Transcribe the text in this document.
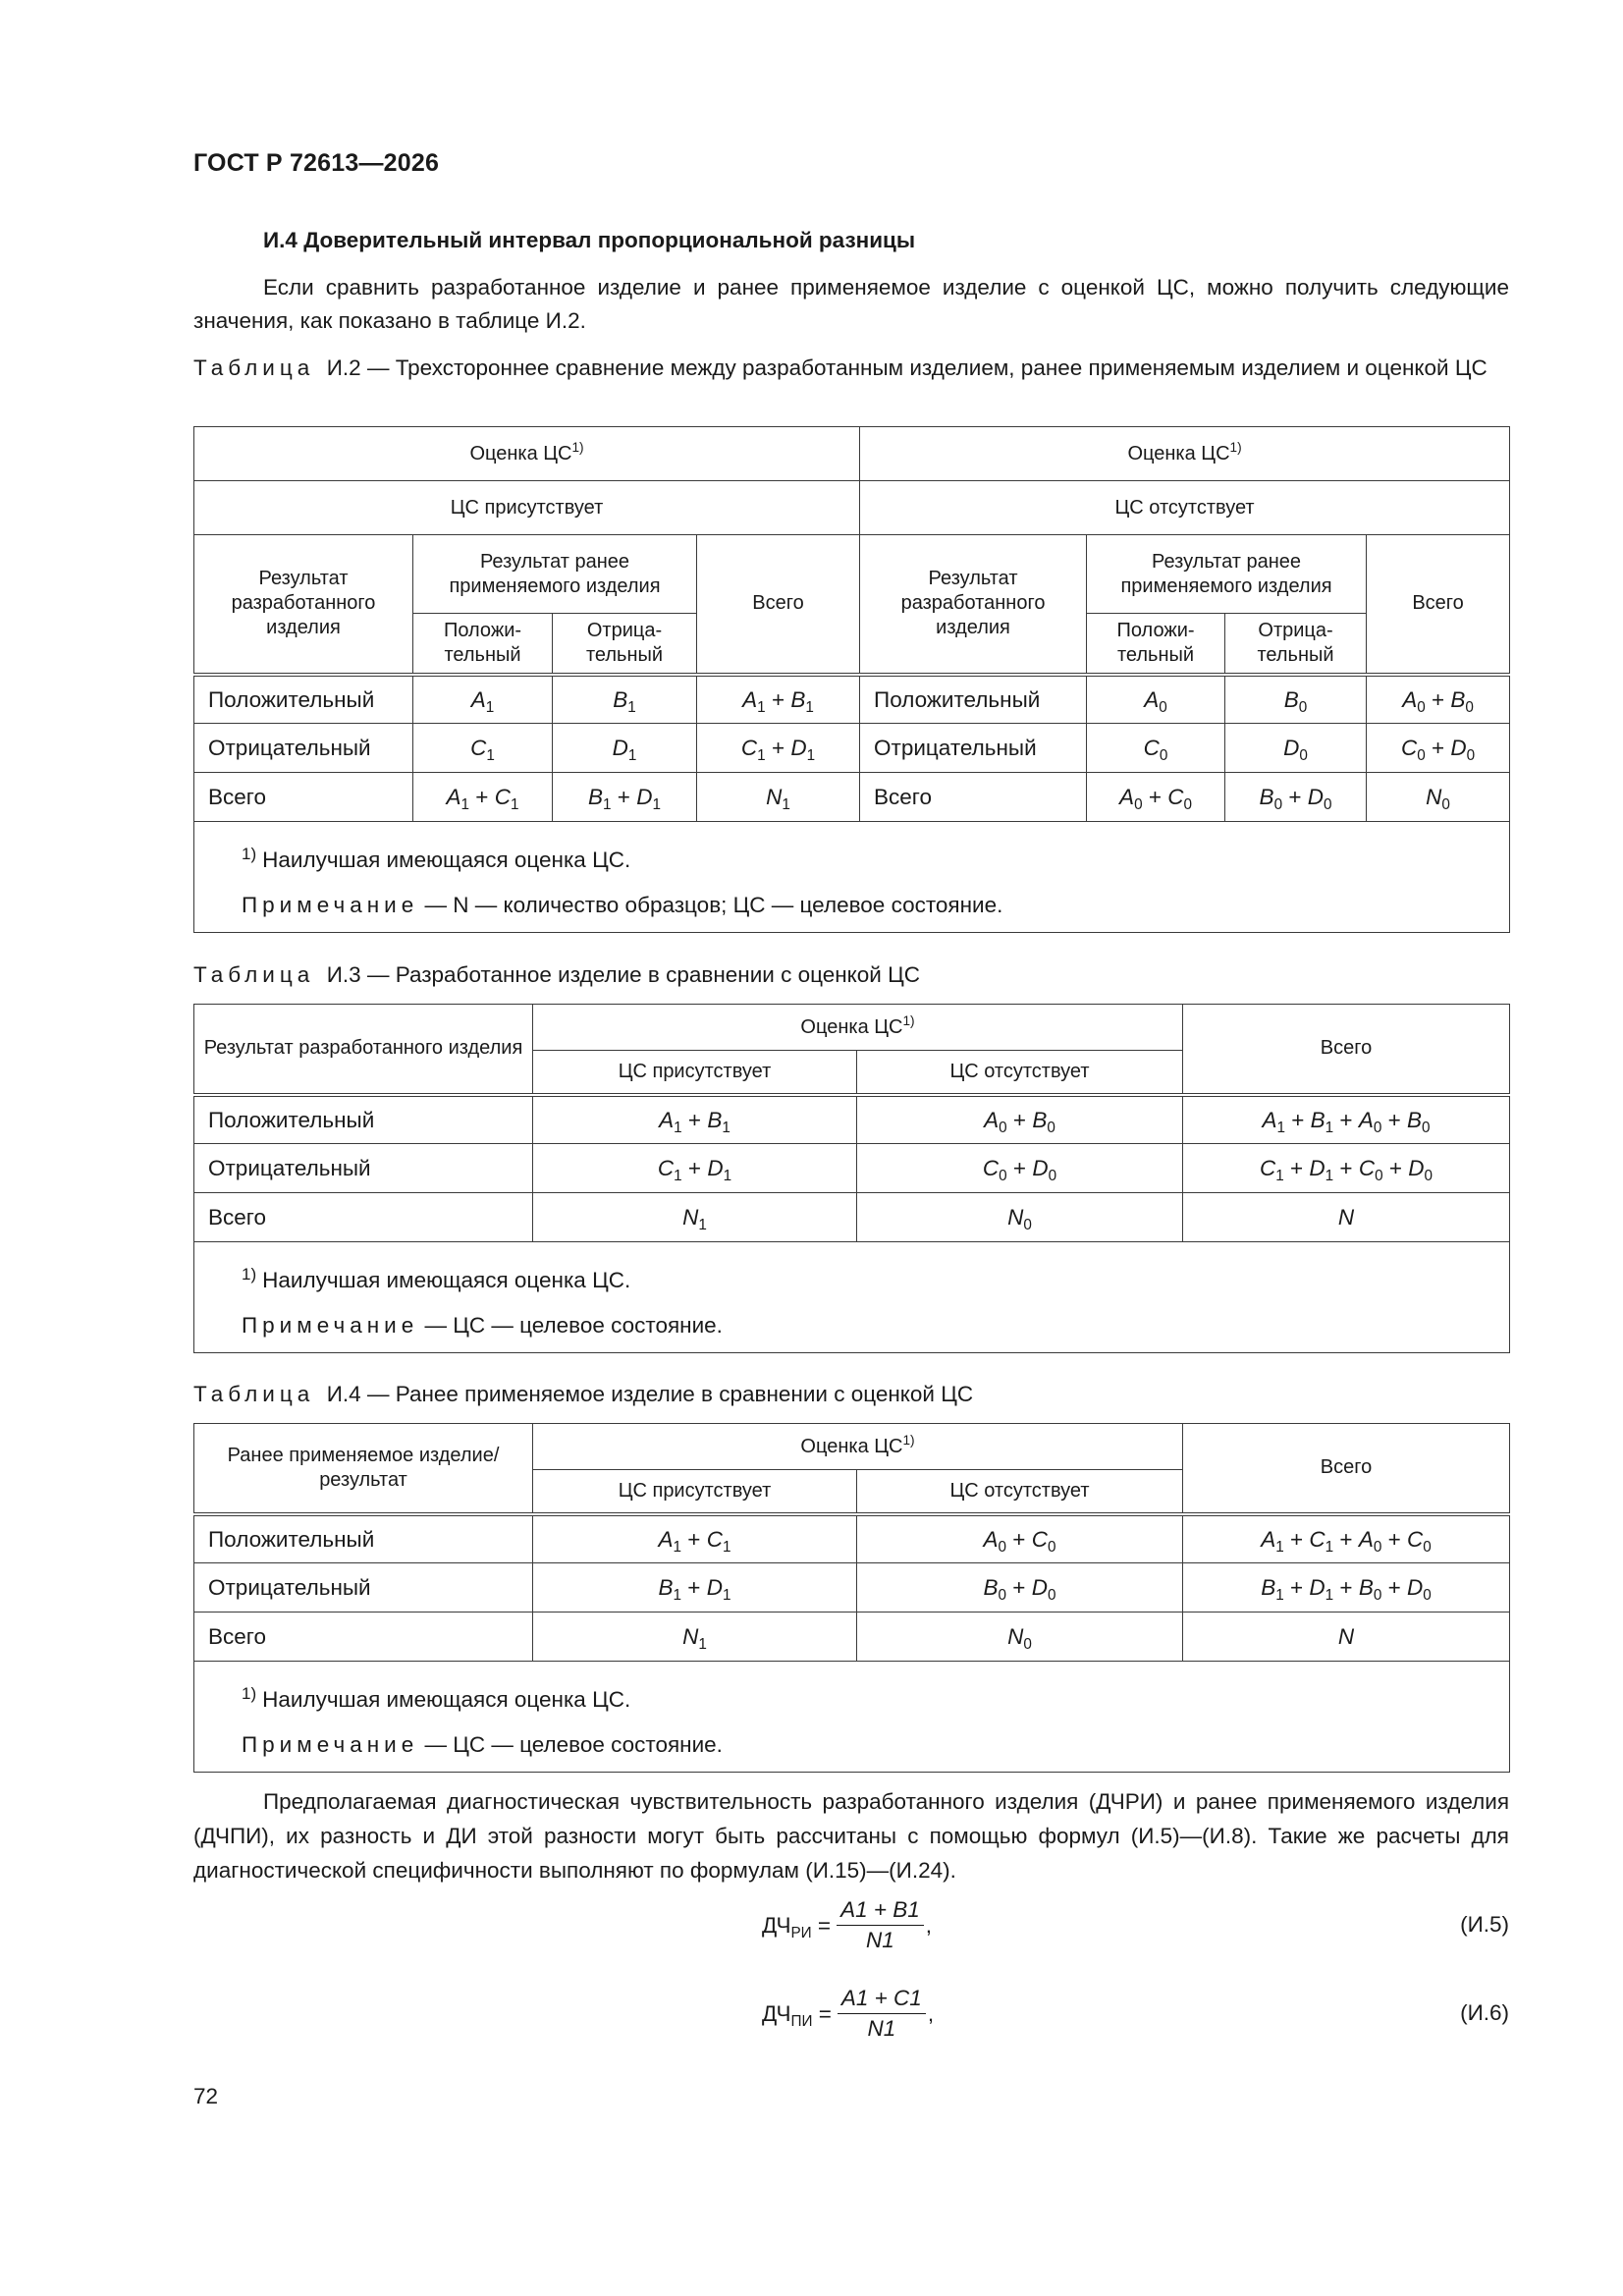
ГОСТ Р 72613—2026
И.4 Доверительный интервал пропорциональной разницы

Если сравнить разработанное изделие и ранее применяемое изделие с оценкой ЦС, можно получить следующие значения, как показано в таблице И.2.

Таблица И.2 — Трехстороннее сравнение между разработанным изделием, ранее применяемым изделием и оценкой ЦС

Оценка ЦС$^{1)}$				Оценка ЦС$^{1)}$
ЦС присутствует				ЦС отсутствует			
Результат разработанного изделия	Результат ранее применяемого изделия		Всего	Результат разработанного изделия	Результат ранее применяемого изделия		Всего
	Положи-тельный	Отрица-тельный			Положи-тельный	Отрица-тельный	
Положительный	$A_1$	$B_1$	$A_1 + B_1$	Положительный	$A_0$	$B_0$	$A_0 + B_0$
Отрицательный	$C_1$	$D_1$	$C_1 + D_1$	Отрицательный	$C_0$	$D_0$	$C_0 + D_0$
Всего	$A_1 + C_1$	$B_1 + D_1$	$N_1$	Всего	$A_0 + C_0$	$B_0 + D_0$	$N_0$

$^{1)}$ Наилучшая имеющаяся оценка ЦС.
Примечание — N — количество образцов; ЦС — целевое состояние.							

Таблица И.3 — Разработанное изделие в сравнении с оценкой ЦС

Результат разработанного изделия	Оценка ЦС$^{1)}$		Всего
	ЦС присутствует	ЦС отсутствует	
Положительный	$A_1 + B_1$	$A_0 + B_0$	$A_1 + B_1 + A_0 + B_0$
Отрицательный	$C_1 + D_1$	$C_0 + D_0$	$C_1 + D_1 + C_0 + D_0$
Всего	$N_1$	$N_0$	N

$^{1)}$ Наилучшая имеющаяся оценка ЦС.
Примечание — ЦС — целевое состояние.			

Таблица И.4 — Ранее применяемое изделие в сравнении с оценкой ЦС

Ранее применяемое изделие/ результат	Оценка ЦС$^{1)}$		Всего
	ЦС присутствует	ЦС отсутствует	
Положительный	$A_1 + C_1$	$A_0 + C_0$	$A_1 + C_1 + A_0 + C_0$
Отрицательный	$B_1 + D_1$	$B_0 + D_0$	$B_1 + D_1 + B_0 + D_0$
Всего	$N_1$	$N_0$	N

$^{1)}$ Наилучшая имеющаяся оценка ЦС.
Примечание — ЦС — целевое состояние.			

Предполагаемая диагностическая чувствительность разработанного изделия (ДЧРИ) и ранее применяемого изделия (ДЧПИ), их разность и ДИ этой разности могут быть рассчитаны с помощью формул (И.5)—(И.8). Такие же расчеты для диагностической специфичности выполняют по формулам (И.15)—(И.24).

$ДЧ_{РИ} = \frac{A1 + B1}{N1}$ ,	(И.5)
$ДЧ_{ПИ} = \frac{A1 + C1}{N1}$ ,	(И.6)
72
